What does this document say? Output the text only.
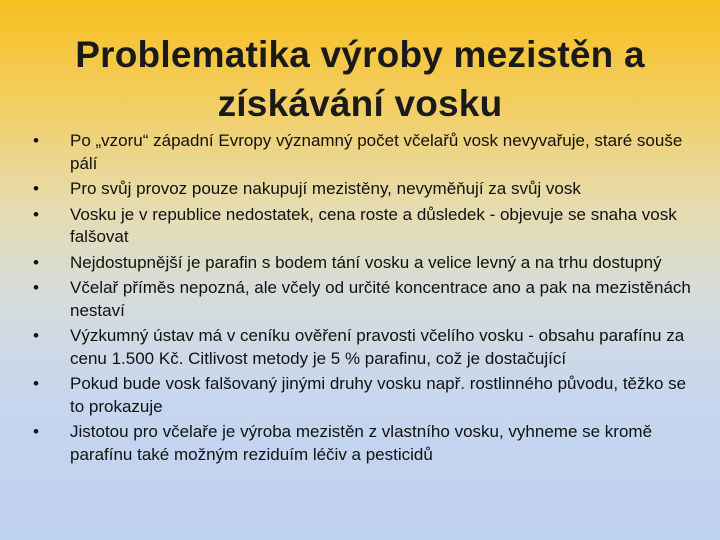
Problematika výroby mezistěn a
získávání vosku
• Po „vzoru“ západní Evropy významný počet včelařů vosk nevyvařuje, staré souše pálí
• Pro svůj provoz pouze nakupují mezistěny, nevyměňují za svůj vosk
• Vosku je v republice nedostatek, cena roste a důsledek - objevuje se snaha vosk falšovat
• Nejdostupnější je parafin s bodem tání vosku a velice levný a na trhu dostupný
• Včelař příměs nepozná, ale včely od určité koncentrace ano a pak na mezistěnách nestaví
• Výzkumný ústav má v ceníku ověření pravosti včelího vosku - obsahu parafínu za cenu 1.500 Kč. Citlivost metody je 5 % parafinu, což je dostačující
• Pokud bude vosk falšovaný jinými druhy vosku např. rostlinného původu, těžko se to prokazuje
• Jistotou pro včelaře je výroba mezistěn z vlastního vosku, vyhneme se kromě parafínu také možným reziduím léčiv a pesticidů
